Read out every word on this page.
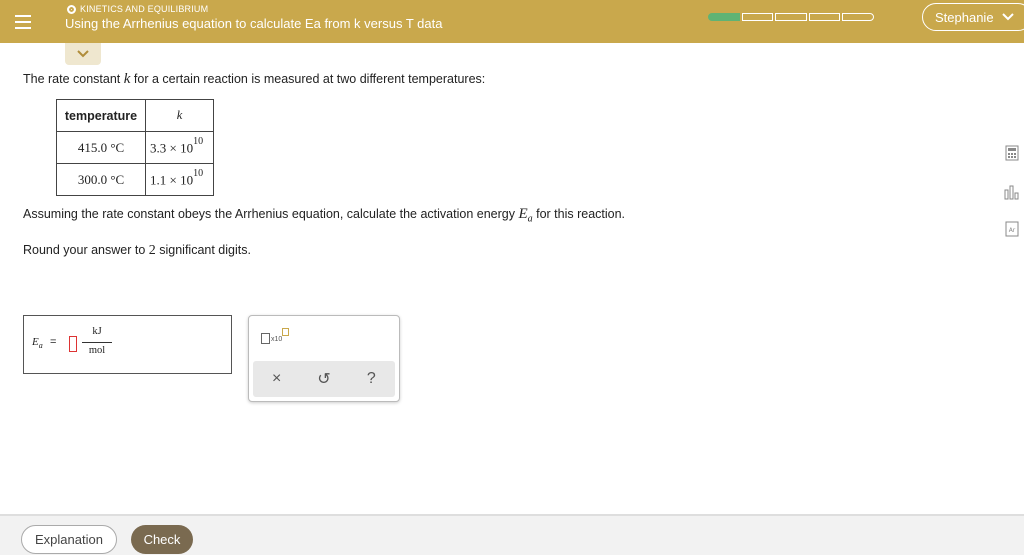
KINETICS AND EQUILIBRIUM
Using the Arrhenius equation to calculate Ea from k versus T data	Stephanie
The rate constant k for a certain reaction is measured at two different temperatures:
temperature	k
415.0 °C	$3.3 \times 10^{10}$
300.0 °C	$1.1 \times 10^{10}$
Assuming the rate constant obeys the Arrhenius equation, calculate the activation energy $E_a$ for this reaction.
Round your answer to 2 significant digits.
$E_a$ =
kJ
mol
x10
×	↺	?
Ar
Explanation	Check
